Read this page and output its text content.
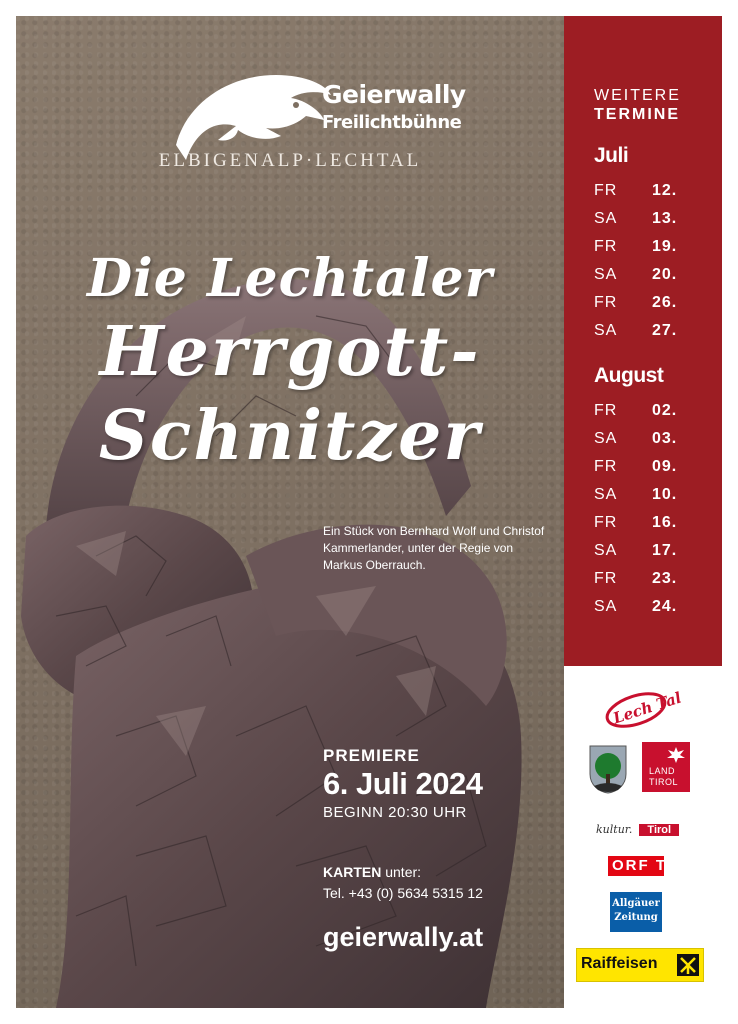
Geierwally
Freilichtbühne
ELBIGENALP·LECHTAL
Die Lechtaler
Herrgott-
Schnitzer
Ein Stück von Bernhard Wolf und Christof Kammerlander, unter der Regie von Markus Oberrauch.
PREMIERE
6. Juli 2024
BEGINN 20:30 UHR
KARTEN unter:
Tel. +43 (0) 5634 5315 12
geierwally.at
WEITERE
TERMINE
Juli
FR 12.
SA 13.
FR 19.
SA 20.
FR 26.
SA 27.
August
FR 02.
SA 03.
FR 09.
SA 10.
FR 16.
SA 17.
FR 23.
SA 24.
Lech Tal
LAND
TIROL
kultur. Tirol
ORF T
Allgäuer
Zeitung
Raiffeisen
